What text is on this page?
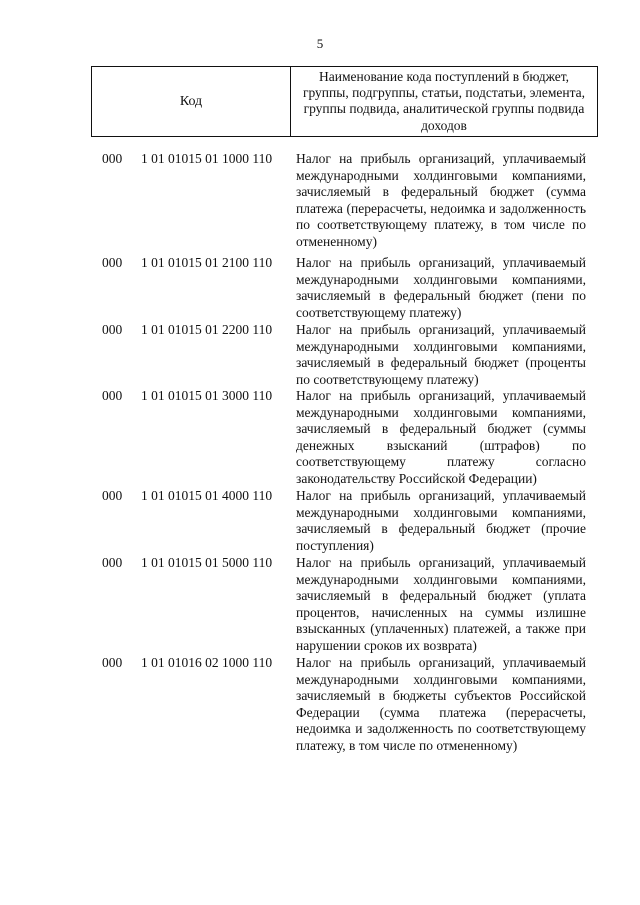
5
Код
Наименование кода поступлений в бюджет, группы, подгруппы, статьи, подстатьи, элемента, группы подвида, аналитической группы подвида доходов
000	1 01 01015 01 1000 110 Налог на прибыль организаций, уплачиваемый международными холдинговыми компаниями, зачисляемый в федеральный бюджет (сумма платежа (перерасчеты, недоимка и задолженность по соответствующему платежу, в том числе по отмененному)
000	1 01 01015 01 2100 110 Налог на прибыль организаций, уплачиваемый международными холдинговыми компаниями, зачисляемый в федеральный бюджет (пени по соответствующему платежу)
000	1 01 01015 01 2200 110 Налог на прибыль организаций, уплачиваемый международными холдинговыми компаниями, зачисляемый в федеральный бюджет (проценты по соответствующему платежу)
000	1 01 01015 01 3000 110 Налог на прибыль организаций, уплачиваемый международными холдинговыми компаниями, зачисляемый в федеральный бюджет (суммы денежных взысканий (штрафов) по соответствующему платежу согласно законодательству Российской Федерации)
000	1 01 01015 01 4000 110 Налог на прибыль организаций, уплачиваемый международными холдинговыми компаниями, зачисляемый в федеральный бюджет (прочие поступления)
000	1 01 01015 01 5000 110 Налог на прибыль организаций, уплачиваемый международными холдинговыми компаниями, зачисляемый в федеральный бюджет (уплата процентов, начисленных на суммы излишне взысканных (уплаченных) платежей, а также при нарушении сроков их возврата)
000	1 01 01016 02 1000 110 Налог на прибыль организаций, уплачиваемый международными холдинговыми компаниями, зачисляемый в бюджеты субъектов Российской Федерации (сумма платежа (перерасчеты, недоимка и задолженность по соответствующему платежу, в том числе по отмененному)
